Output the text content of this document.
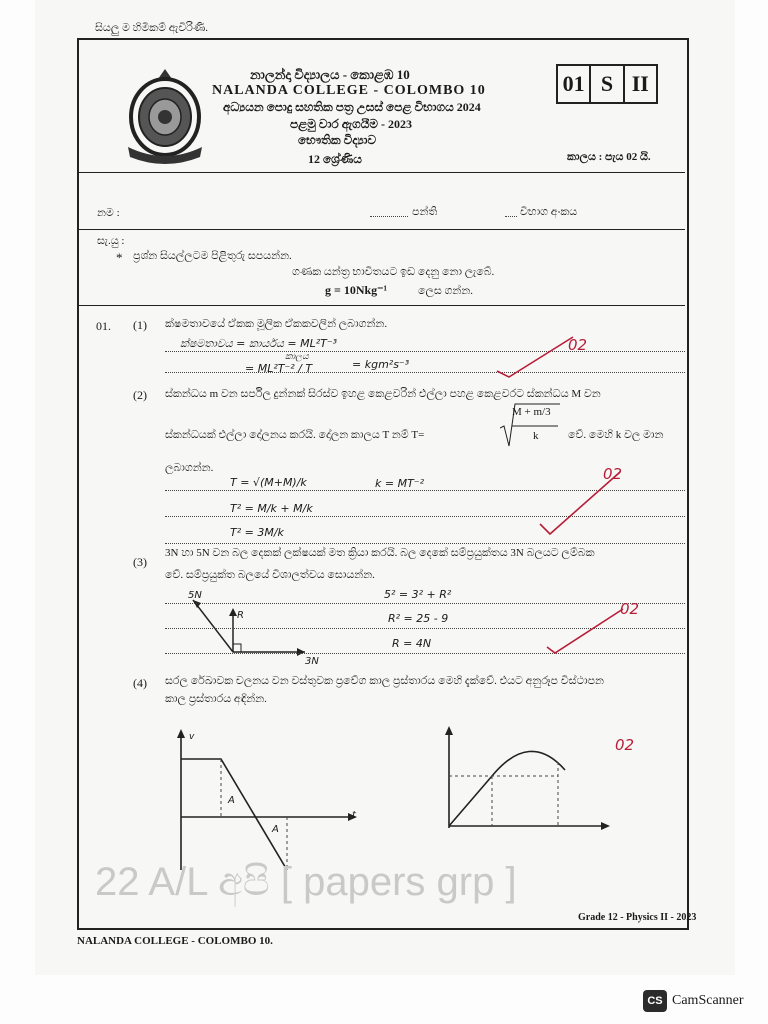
සියලු ම හිමිකම් ඇවිරිණි.
නාලන්දා විද්‍යාලය - කොළඹ 10
NALANDA COLLEGE - COLOMBO 10
අධ්‍යයන පොදු සහතික පත්‍ර උසස් පෙළ විභාගය 2024
පළමු වාර ඇගයීම - 2023
භෞතික විද්‍යාව
12 ශ්‍රේණිය	කාලය : පැය 02 යි.
01 S II
නම :	පන්ති	විභාග අංකය
සැ.යු :
* ප්‍රශ්න සියල්ලටම පිළිතුරු සපයන්න.
ගණක යන්ත්‍ර භාවිතයට ඉඩ දෙනු නො ලැබේ.
g = 10Nkg⁻¹	ලෙස ගන්න.
01. (1) ක්ෂමතාවයේ ඒකක මූලික ඒකකවලින් ලබාගන්න.
ක්ෂමතාවය = කාර්යය = ML²T⁻³
කාලය
= ML²T⁻² / T	= kgm²s⁻³
02
(2) ස්කන්ධය m වන සර්පිල දුන්නක් සිරස්ව ඉහළ කෙළවරින් එල්ලා පහළ කෙළවරට ස්කන්ධය M වන
ස්කන්ධයක් එල්ලා දෝලනය කරයි. දෝලන කාලය T නම් T=
M + m/3
k	වේ. මෙහි k වල මාන
ලබාගන්න.
T = √(M+M)/k
T² = M/k + M/k
T² = 3M/k
k = MT⁻²
02
(3)
3N හා 5N වන බල දෙකක් ලක්ෂයක් මත ක්‍රියා කරයි. බල දෙකේ සම්ප්‍රයුක්තය 3N බලයට ලම්බක
වේ. සම්ප්‍රයුක්ත බලයේ විශාලත්වය සොයන්න.
5N
R
3N
5² = 3² + R²
R² = 25 - 9
R = 4N
02
(4) සරල රේඛාවක චලනය වන වස්තුවක ප්‍රවේග කාල ප්‍රස්තාරය මෙහි දැක්වේ. එයට අනුරූප විස්ථාපන
කාල ප්‍රස්තාරය අඳින්න.
v
t
A
A
02
22 A/L අපි [ papers grp ]
Grade 12 - Physics II - 2023
NALANDA COLLEGE - COLOMBO 10.
CS CamScanner
